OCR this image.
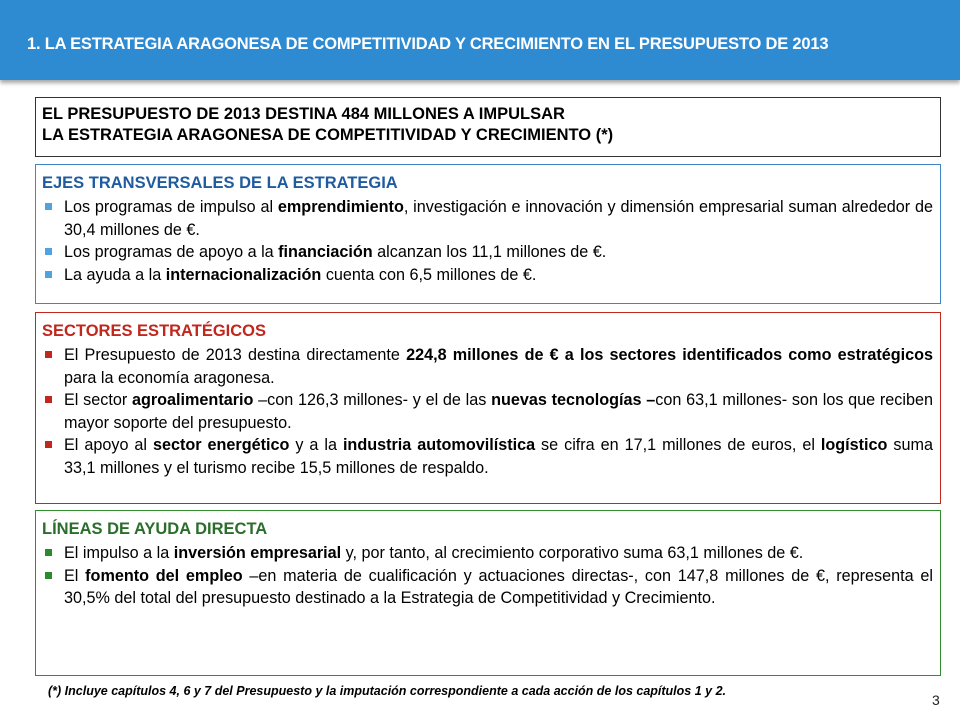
1. LA ESTRATEGIA ARAGONESA DE COMPETITIVIDAD Y CRECIMIENTO EN EL PRESUPUESTO DE 2013
EL PRESUPUESTO DE 2013 DESTINA 484 MILLONES A IMPULSAR
LA ESTRATEGIA ARAGONESA DE COMPETITIVIDAD Y CRECIMIENTO (*)
EJES TRANSVERSALES DE LA ESTRATEGIA
Los programas de impulso al emprendimiento, investigación e innovación y dimensión empresarial suman alrededor de 30,4 millones de €.
Los programas de apoyo a la financiación alcanzan los 11,1 millones de €.
La ayuda a la internacionalización cuenta con 6,5 millones de €.
SECTORES ESTRATÉGICOS
El Presupuesto de 2013 destina directamente 224,8 millones de € a los sectores identificados como estratégicos para la economía aragonesa.
El sector agroalimentario –con 126,3 millones- y el de las nuevas tecnologías –con 63,1 millones- son los que reciben mayor soporte del presupuesto.
El apoyo al sector energético y a la industria automovilística se cifra en 17,1 millones de euros, el logístico suma 33,1 millones y el turismo recibe 15,5 millones de respaldo.
LÍNEAS DE AYUDA DIRECTA
El impulso a la inversión empresarial y, por tanto, al crecimiento corporativo suma 63,1 millones de €.
El fomento del empleo –en materia de cualificación y actuaciones directas-, con 147,8 millones de €, representa el 30,5% del total del presupuesto destinado a la Estrategia de Competitividad y Crecimiento.
(*) Incluye capítulos 4, 6 y 7 del Presupuesto y la imputación correspondiente a cada acción de los capítulos 1 y 2.
3
